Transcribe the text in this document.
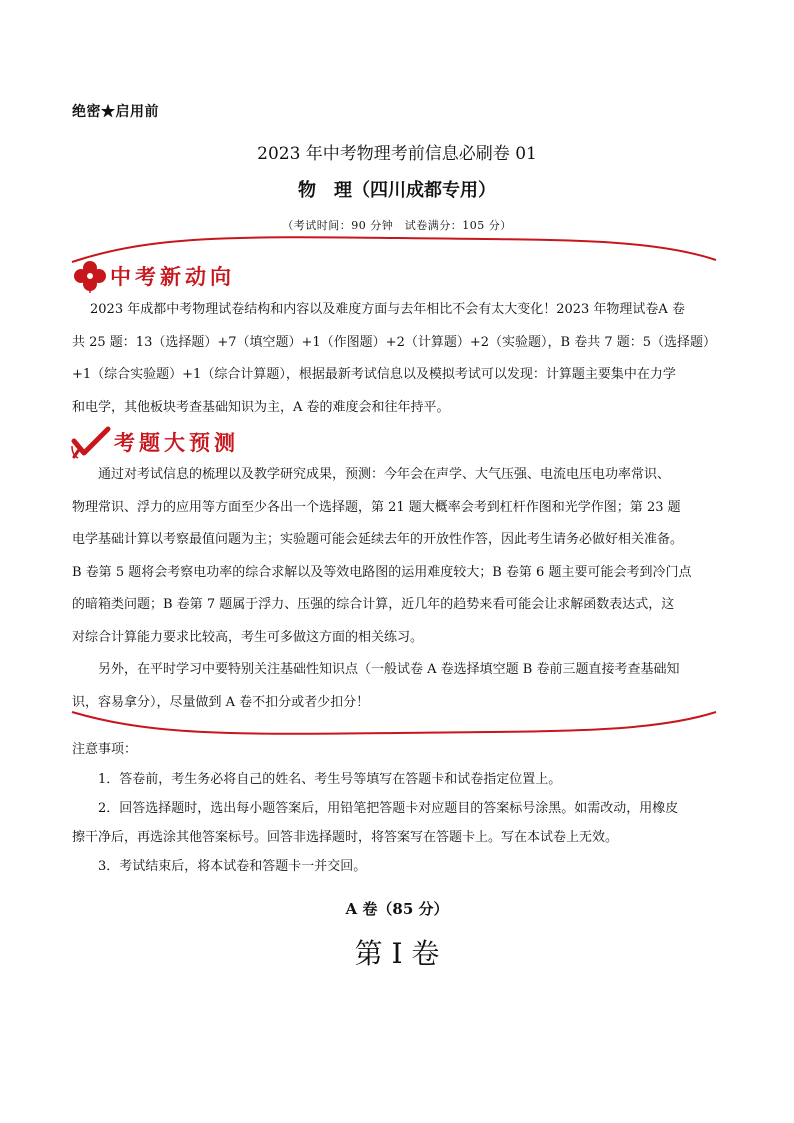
绝密★启用前
2023 年中考物理考前信息必刷卷 01
物　理（四川成都专用）
（考试时间：90 分钟　试卷满分：105 分）
中考新动向
2023 年成都中考物理试卷结构和内容以及难度方面与去年相比不会有太大变化！2023 年物理试卷A 卷
共 25 题：13（选择题）+7（填空题）+1（作图题）+2（计算题）+2（实验题），B 卷共 7 题：5（选择题）
+1（综合实验题）+1（综合计算题），根据最新考试信息以及模拟考试可以发现：计算题主要集中在力学
和电学，其他板块考查基础知识为主，A 卷的难度会和往年持平。
考题大预测
　　通过对考试信息的梳理以及教学研究成果，预测：今年会在声学、大气压强、电流电压电功率常识、
物理常识、浮力的应用等方面至少各出一个选择题，第 21 题大概率会考到杠杆作图和光学作图；第 23 题
电学基础计算以考察最值问题为主；实验题可能会延续去年的开放性作答，因此考生请务必做好相关准备。
B 卷第 5 题将会考察电功率的综合求解以及等效电路图的运用难度较大；B 卷第 6 题主要可能会考到冷门点
的暗箱类问题；B 卷第 7 题属于浮力、压强的综合计算，近几年的趋势来看可能会让求解函数表达式，这
对综合计算能力要求比较高，考生可多做这方面的相关练习。
　　另外，在平时学习中要特别关注基础性知识点（一般试卷 A 卷选择填空题 B 卷前三题直接考查基础知
识，容易拿分），尽量做到 A 卷不扣分或者少扣分！
注意事项：
　　1．答卷前，考生务必将自己的姓名、考生号等填写在答题卡和试卷指定位置上。
　　2．回答选择题时，选出每小题答案后，用铅笔把答题卡对应题目的答案标号涂黑。如需改动，用橡皮
擦干净后，再选涂其他答案标号。回答非选择题时，将答案写在答题卡上。写在本试卷上无效。
　　3．考试结束后，将本试卷和答题卡一并交回。
A 卷（85 分）
第 I 卷
